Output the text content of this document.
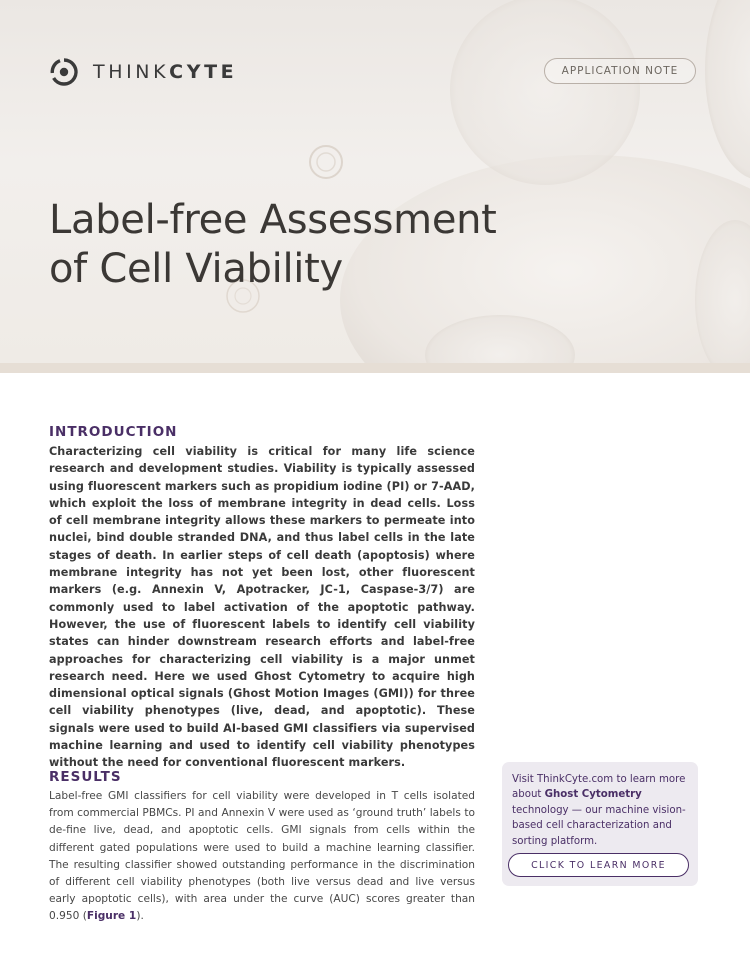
THINKCYTE	APPLICATION NOTE
Label-free Assessment
of Cell Viability
INTRODUCTION

Characterizing cell viability is critical for many life science research and development studies. Viability is typically assessed using fluorescent markers such as propidium iodine (PI) or 7-AAD, which exploit the loss of membrane integrity in dead cells. Loss of cell membrane integrity allows these markers to permeate into nuclei, bind double stranded DNA, and thus label cells in the late stages of death. In earlier steps of cell death (apoptosis) where membrane integrity has not yet been lost, other fluorescent markers (e.g. Annexin V, Apotracker, JC-1, Caspase-3/7) are commonly used to label activation of the apoptotic pathway. However, the use of fluorescent labels to identify cell viability states can hinder downstream research efforts and label-free approaches for characterizing cell viability is a major unmet research need. Here we used Ghost Cytometry to acquire high dimensional optical signals (Ghost Motion Images (GMI)) for three cell viability phenotypes (live, dead, and apoptotic). These signals were used to build AI-based GMI classifiers via supervised machine learning and used to identify cell viability phenotypes without the need for conventional fluorescent markers.

RESULTS

Label-free GMI classifiers for cell viability were developed in T cells isolated from commercial PBMCs. PI and Annexin V were used as ‘ground truth’ labels to de-fine live, dead, and apoptotic cells. GMI signals from cells within the different gated populations were used to build a machine learning classifier. The resulting classifier showed outstanding performance in the discrimination of different cell viability phenotypes (both live versus dead and live versus early apoptotic cells), with area under the curve (AUC) scores greater than 0.950 (Figure 1).

Visit ThinkCyte.com to learn more about Ghost Cytometry technology — our machine vision-based cell characterization and sorting platform.

CLICK TO LEARN MORE
